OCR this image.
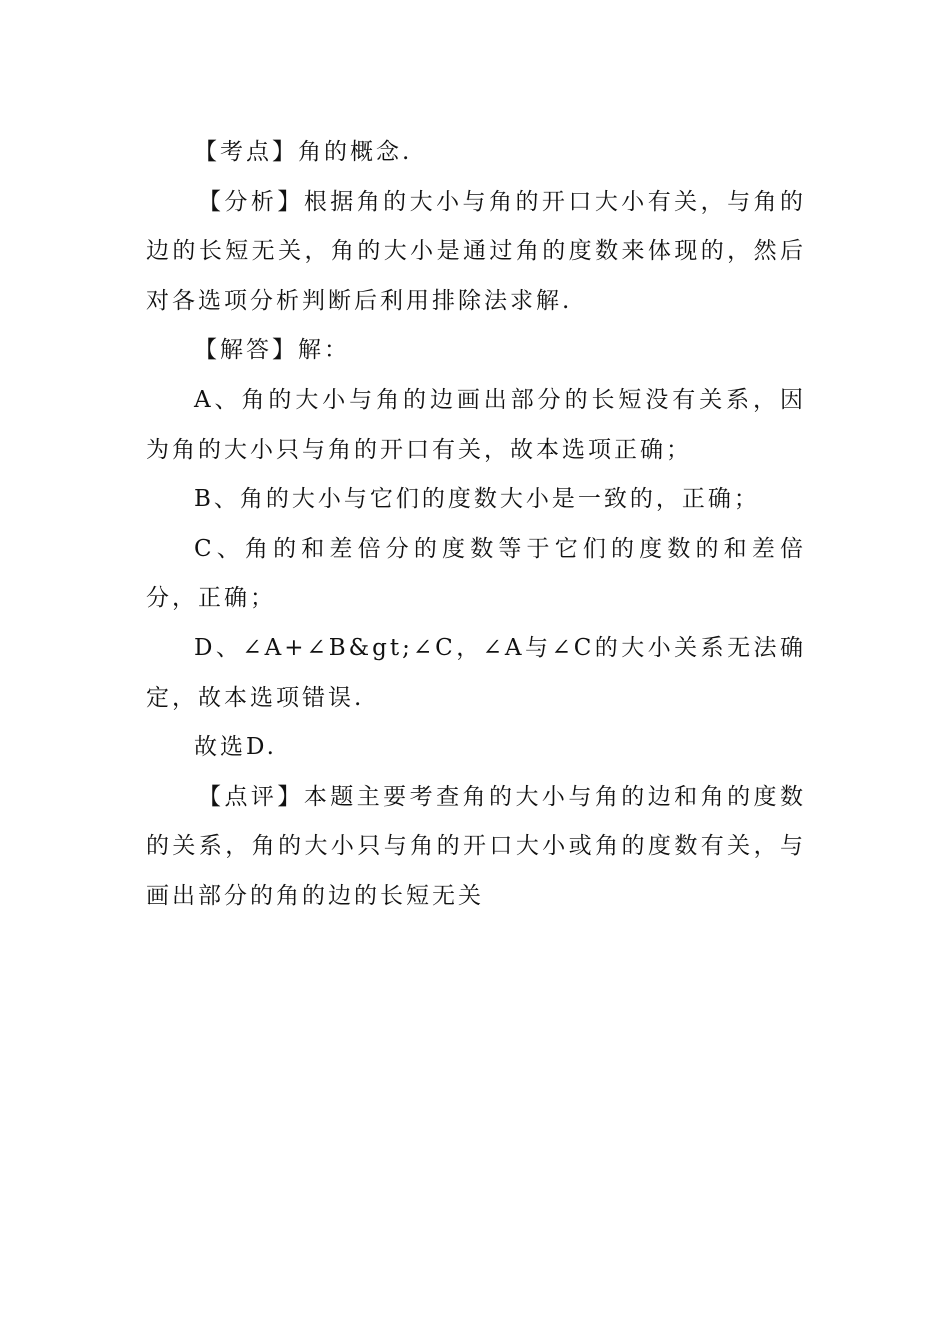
【考点】角的概念.

【分析】根据角的大小与角的开口大小有关，与角的边的长短无关，角的大小是通过角的度数来体现的，然后对各选项分析判断后利用排除法求解.

【解答】解：

A、角的大小与角的边画出部分的长短没有关系，因为角的大小只与角的开口有关，故本选项正确；

B、角的大小与它们的度数大小是一致的，正确；

C、角的和差倍分的度数等于它们的度数的和差倍分，正确；

D、∠A+∠B&gt;∠C，∠A与∠C的大小关系无法确定，故本选项错误.

故选D.

【点评】本题主要考查角的大小与角的边和角的度数的关系，角的大小只与角的开口大小或角的度数有关，与画出部分的角的边的长短无关
